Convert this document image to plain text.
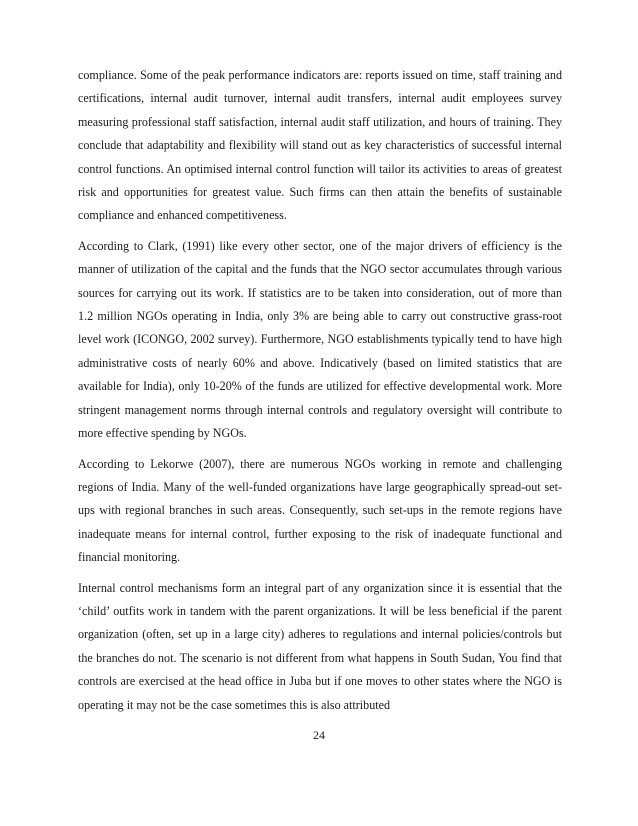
compliance. Some of the peak performance indicators are: reports issued on time, staff training and certifications, internal audit turnover, internal audit transfers, internal audit employees survey measuring professional staff satisfaction, internal audit staff utilization, and hours of training. They conclude that adaptability and flexibility will stand out as key characteristics of successful internal control functions. An optimised internal control function will tailor its activities to areas of greatest risk and opportunities for greatest value. Such firms can then attain the benefits of sustainable compliance and enhanced competitiveness.

According to Clark, (1991) like every other sector, one of the major drivers of efficiency is the manner of utilization of the capital and the funds that the NGO sector accumulates through various sources for carrying out its work. If statistics are to be taken into consideration, out of more than 1.2 million NGOs operating in India, only 3% are being able to carry out constructive grass-root level work (ICONGO, 2002 survey). Furthermore, NGO establishments typically tend to have high administrative costs of nearly 60% and above. Indicatively (based on limited statistics that are available for India), only 10-20% of the funds are utilized for effective developmental work. More stringent management norms through internal controls and regulatory oversight will contribute to more effective spending by NGOs.

According to Lekorwe (2007), there are numerous NGOs working in remote and challenging regions of India. Many of the well-funded organizations have large geographically spread-out set-ups with regional branches in such areas. Consequently, such set-ups in the remote regions have inadequate means for internal control, further exposing to the risk of inadequate functional and financial monitoring.

Internal control mechanisms form an integral part of any organization since it is essential that the ‘child’ outfits work in tandem with the parent organizations. It will be less beneficial if the parent organization (often, set up in a large city) adheres to regulations and internal policies/controls but the branches do not. The scenario is not different from what happens in South Sudan, You find that controls are exercised at the head office in Juba but if one moves to other states where the NGO is operating it may not be the case sometimes this is also attributed

24
